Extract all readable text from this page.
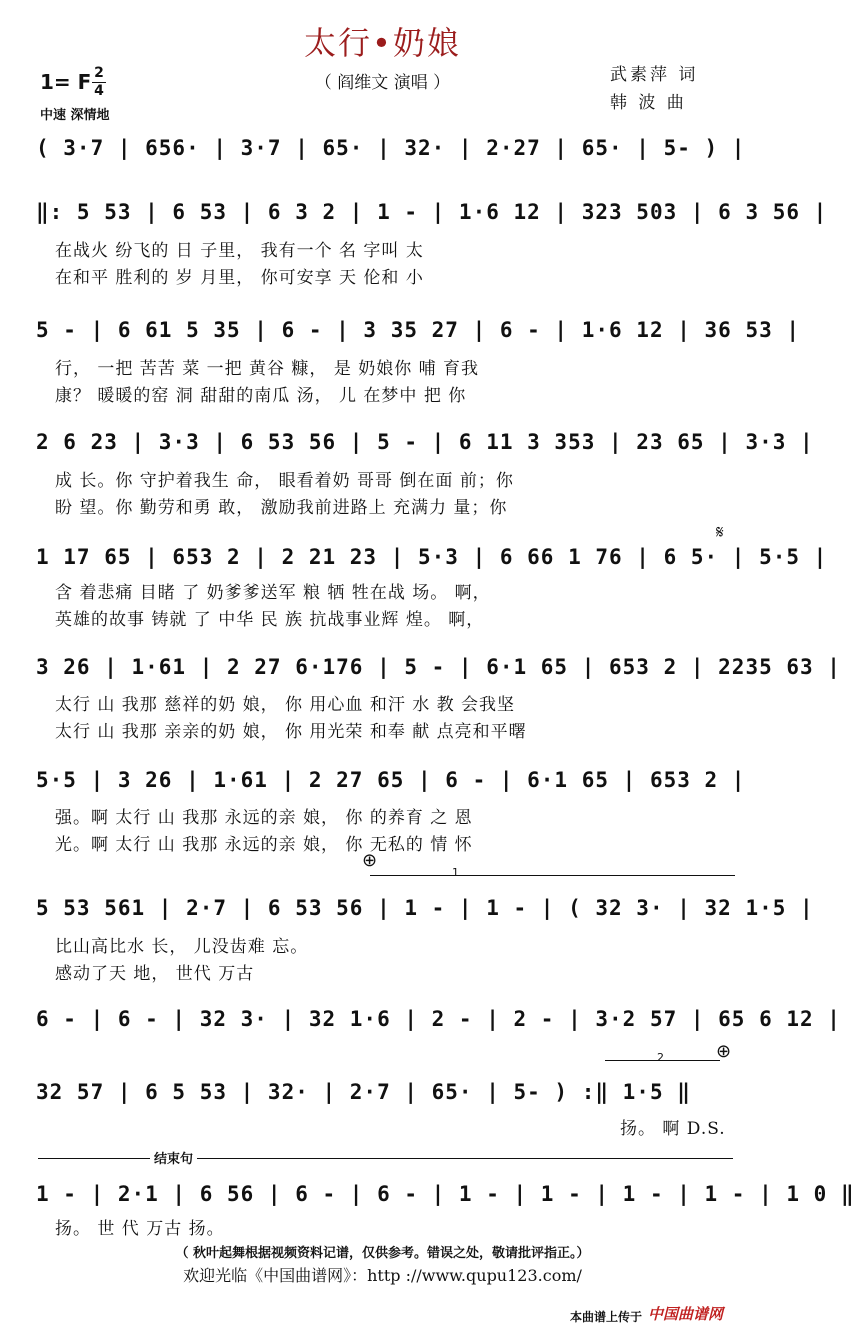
太行•奶娘
（ 阎维文 演唱 ）	武素萍 词
韩 波 曲
1= F 2
4
中速 深情地
( 3·7 | 656· | 3·7 | 65· | 32· | 2·27 | 65· | 5- ) |
‖: 5 53 | 6 53 | 6 3 2 | 1 - | 1·6 12 | 323 503 | 6 3 56 |
在战火 纷飞的 日 子里， 我有一个 名 字叫 太
在和平 胜利的 岁 月里， 你可安享 天 伦和 小
5 - | 6 61 5 35 | 6 - | 3 35 27 | 6 - | 1·6 12 | 36 53 |
行， 一把 苦苦 菜 一把 黄谷 糠， 是 奶娘你 哺 育我
康？ 暖暖的窑 洞 甜甜的南瓜 汤， 儿 在梦中 把 你
2 6 23 | 3·3 | 6 53 56 | 5 - | 6 11 3 353 | 23 65 | 3·3 |
成 长。你 守护着我生 命， 眼看着奶 哥哥 倒在面 前；你
盼 望。你 勤劳和勇 敢， 激励我前进路上 充满力 量；你
𝄋
1 17 65 | 653 2 | 2 21 23 | 5·3 | 6 66 1 76 | 6 5· | 5·5 |
含 着悲痛 目睹 了 奶爹爹送军 粮 牺 牲在战 场。 啊，
英雄的故事 铸就 了 中华 民 族 抗战事业辉 煌。 啊，
3 26 | 1·61 | 2 27 6·176 | 5 - | 6·1 65 | 653 2 | 2235 63 |
太行 山 我那 慈祥的奶 娘， 你 用心血 和汗 水 教 会我坚
太行 山 我那 亲亲的奶 娘， 你 用光荣 和奉 献 点亮和平曙
5·5 | 3 26 | 1·61 | 2 27 65 | 6 - | 6·1 65 | 653 2 |
强。啊 太行 山 我那 永远的亲 娘， 你 的养育 之 恩
光。啊 太行 山 我那 永远的亲 娘， 你 无私的 情 怀
⊕
1
5 53 561 | 2·7 | 6 53 56 | 1 - | 1 - | ( 32 3· | 32 1·5 |
比山高比水 长， 儿没齿难 忘。
感动了天 地， 世代 万古
6 - | 6 - | 32 3· | 32 1·6 | 2 - | 2 - | 3·2 57 | 65 6 12 |
2	⊕
32 57 | 6 5 53 | 32· | 2·7 | 65· | 5- ) :‖ 1·5 ‖
扬。 啊 D.S.
结束句
1 - | 2·1 | 6 56 | 6 - | 6 - | 1 - | 1 - | 1 - | 1 - | 1 0 ‖
扬。 世 代 万古 扬。
（ 秋叶起舞根据视频资料记谱，仅供参考。错误之处，敬请批评指正。）
欢迎光临《中国曲谱网》：http ://www.qupu123.com/
本曲谱上传于 中国曲谱网
